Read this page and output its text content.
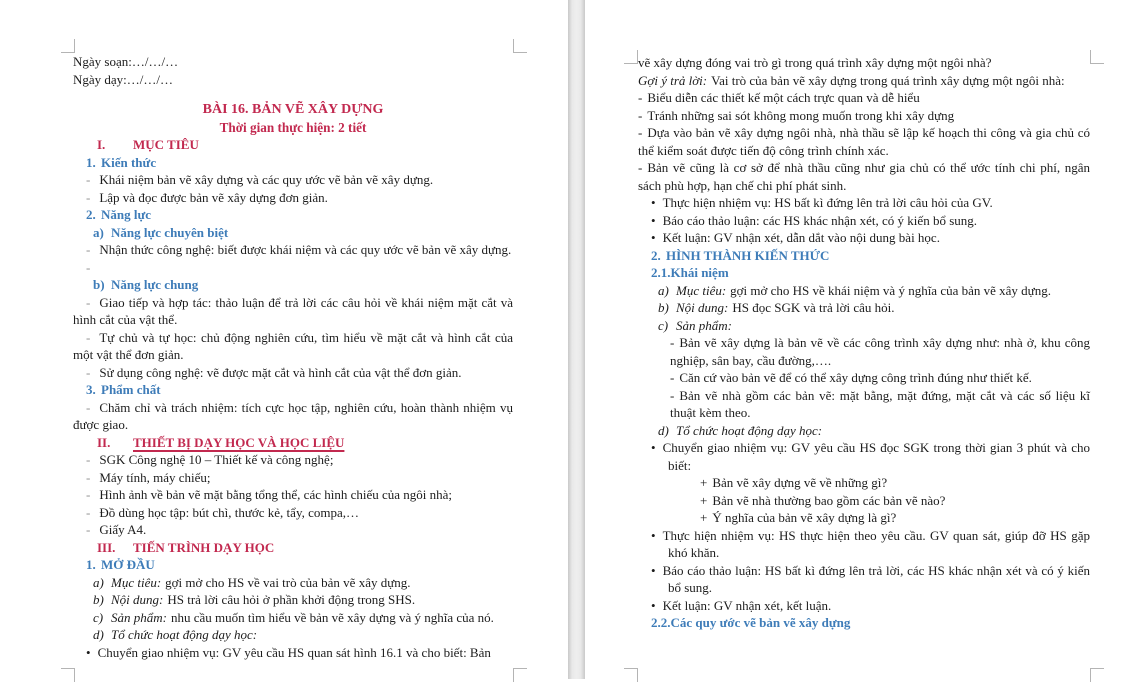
Ngày soạn:…/…/…

Ngày dạy:…/…/…

BÀI 16. BẢN VẼ XÂY DỰNG

Thời gian thực hiện: 2 tiết

I. MỤC TIÊU

1. Kiến thức

- Khái niệm bản vẽ xây dựng và các quy ước vẽ bản vẽ xây dựng.

- Lập và đọc được bản vẽ xây dựng đơn giản.

2. Năng lực

a) Năng lực chuyên biệt

- Nhận thức công nghệ: biết được khái niệm và các quy ước vẽ bản vẽ xây dựng.

-

b) Năng lực chung

- Giao tiếp và hợp tác: thảo luận để trả lời các câu hỏi về khái niệm mặt cắt và hình cắt của vật thể.

- Tự chủ và tự học: chủ động nghiên cứu, tìm hiểu về mặt cắt và hình cắt của một vật thể đơn giản.

- Sử dụng công nghệ: vẽ được mặt cắt và hình cắt của vật thể đơn giản.

3. Phẩm chất

- Chăm chỉ và trách nhiệm: tích cực học tập, nghiên cứu, hoàn thành nhiệm vụ được giao.

II. THIẾT BỊ DẠY HỌC VÀ HỌC LIỆU

- SGK Công nghệ 10 – Thiết kế và công nghệ;

- Máy tính, máy chiếu;

- Hình ảnh về bản vẽ mặt bằng tổng thể, các hình chiếu của ngôi nhà;

- Đồ dùng học tập: bút chì, thước kẻ, tẩy, compa,…

- Giấy A4.

III. TIẾN TRÌNH DẠY HỌC

1. MỞ ĐẦU

a) Mục tiêu: gợi mở cho HS về vai trò của bản vẽ xây dựng.

b) Nội dung: HS trả lời câu hỏi ở phần khởi động trong SHS.

c) Sản phẩm: nhu cầu muốn tìm hiểu về bản vẽ xây dựng và ý nghĩa của nó.

d) Tổ chức hoạt động dạy học:

• Chuyển giao nhiệm vụ: GV yêu cầu HS quan sát hình 16.1 và cho biết: Bản

vẽ xây dựng đóng vai trò gì trong quá trình xây dựng một ngôi nhà?

Gợi ý trả lời: Vai trò của bản vẽ xây dựng trong quá trình xây dựng một ngôi nhà:

- Biểu diễn các thiết kế một cách trực quan và dễ hiểu

- Tránh những sai sót không mong muốn trong khi xây dựng

- Dựa vào bản vẽ xây dựng ngôi nhà, nhà thầu sẽ lập kế hoạch thi công và gia chủ có thể kiểm soát được tiến độ công trình chính xác.

- Bản vẽ cũng là cơ sở để nhà thầu cũng như gia chủ có thể ước tính chi phí, ngân sách phù hợp, hạn chế chi phí phát sinh.

• Thực hiện nhiệm vụ: HS bất kì đứng lên trả lời câu hỏi của GV.

• Báo cáo thảo luận: các HS khác nhận xét, có ý kiến bổ sung.

• Kết luận: GV nhận xét, dẫn dắt vào nội dung bài học.

2. HÌNH THÀNH KIẾN THỨC

2.1.Khái niệm

a) Mục tiêu: gợi mở cho HS về khái niệm và ý nghĩa của bản vẽ xây dựng.

b) Nội dung: HS đọc SGK và trả lời câu hỏi.

c) Sản phẩm:

- Bản vẽ xây dựng là bản vẽ về các công trình xây dựng như: nhà ở, khu công nghiệp, sân bay, cầu đường,….

- Căn cứ vào bản vẽ để có thể xây dựng công trình đúng như thiết kế.

- Bản vẽ nhà gồm các bản vẽ: mặt bằng, mặt đứng, mặt cắt và các số liệu kĩ thuật kèm theo.

d) Tổ chức hoạt động dạy học:

• Chuyển giao nhiệm vụ: GV yêu cầu HS đọc SGK trong thời gian 3 phút và cho biết:

+ Bản vẽ xây dựng vẽ về những gì?

+ Bản vẽ nhà thường bao gồm các bản vẽ nào?

+ Ý nghĩa của bản vẽ xây dựng là gì?

• Thực hiện nhiệm vụ: HS thực hiện theo yêu cầu. GV quan sát, giúp đỡ HS gặp khó khăn.

• Báo cáo thảo luận: HS bất kì đứng lên trả lời, các HS khác nhận xét và có ý kiến bổ sung.

• Kết luận: GV nhận xét, kết luận.

2.2.Các quy ước vẽ bản vẽ xây dựng
